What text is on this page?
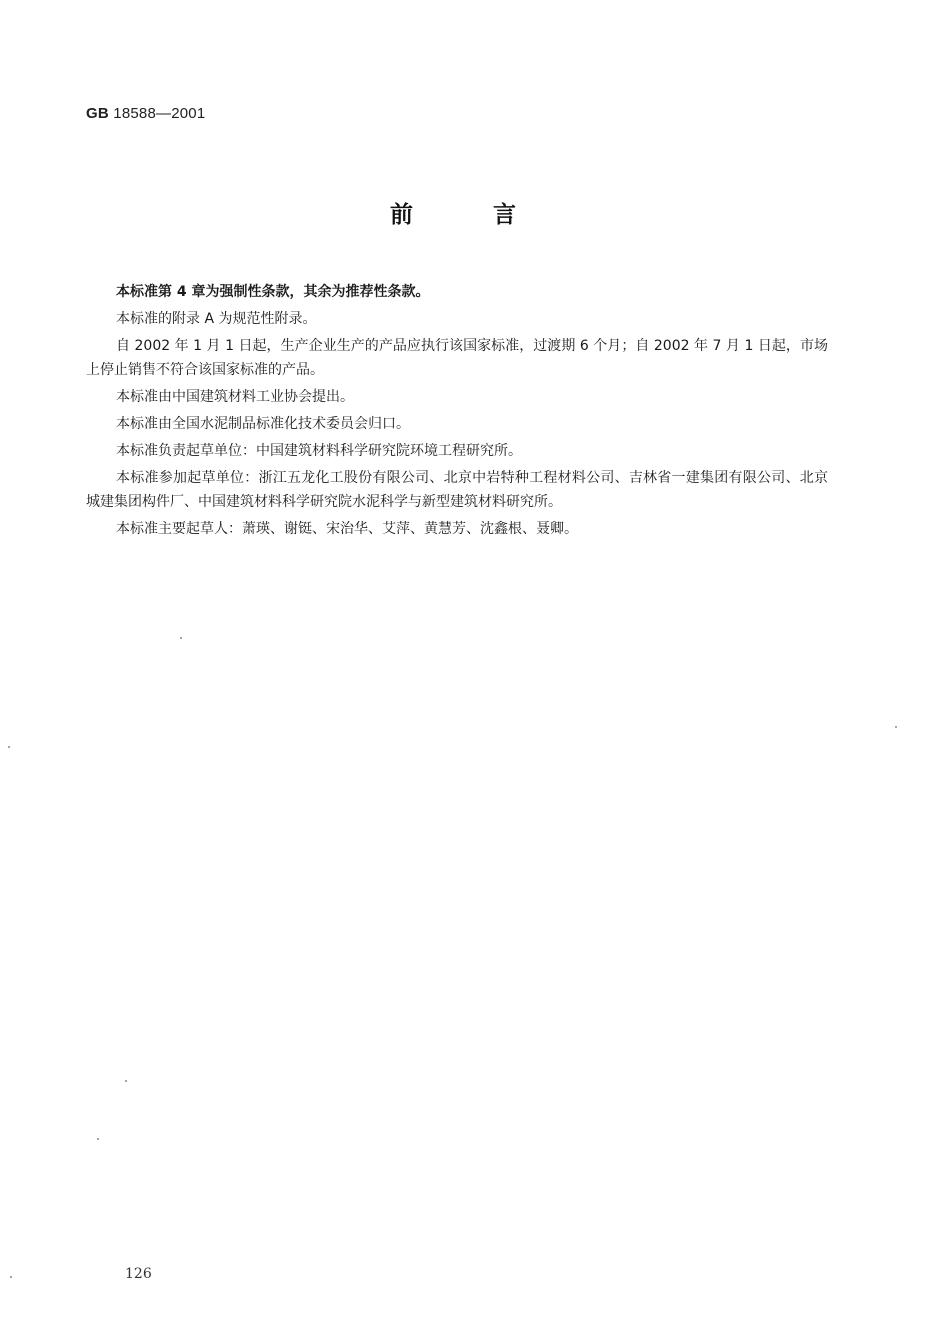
GB 18588—2001
前言

本标准第 4 章为强制性条款，其余为推荐性条款。

本标准的附录 A 为规范性附录。

自 2002 年 1 月 1 日起，生产企业生产的产品应执行该国家标准，过渡期 6 个月；自 2002 年 7 月 1 日起，市场上停止销售不符合该国家标准的产品。

本标准由中国建筑材料工业协会提出。

本标准由全国水泥制品标准化技术委员会归口。

本标准负责起草单位：中国建筑材料科学研究院环境工程研究所。

本标准参加起草单位：浙江五龙化工股份有限公司、北京中岩特种工程材料公司、吉林省一建集团有限公司、北京城建集团构件厂、中国建筑材料科学研究院水泥科学与新型建筑材料研究所。

本标准主要起草人：萧瑛、谢铤、宋治华、艾萍、黄慧芳、沈鑫根、聂卿。

126
